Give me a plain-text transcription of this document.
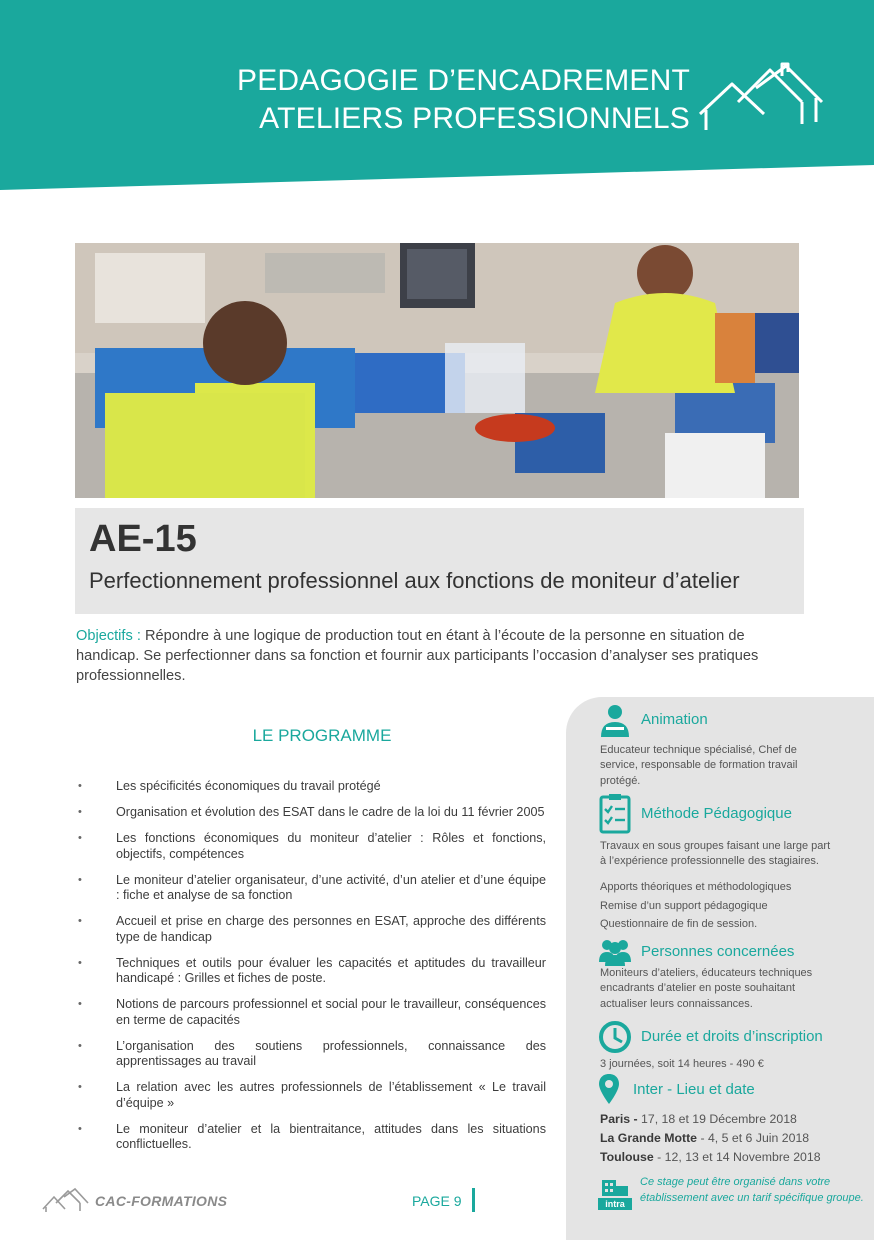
PEDAGOGIE D’ENCADREMENT
ATELIERS PROFESSIONNELS
AE-15
Perfectionnement professionnel aux fonctions de moniteur d’atelier
Objectifs : Répondre à une logique de production tout en étant à l’écoute de la personne en situation de handicap. Se perfectionner dans sa fonction et fournir aux participants l’occasion d’analyser ses pratiques professionnelles.
LE PROGRAMME
• Les spécificités économiques du travail protégé
• Organisation et évolution des ESAT dans le cadre de la loi du 11 février 2005
• Les fonctions économiques du moniteur d’atelier : Rôles et fonctions, objectifs, compétences
• Le moniteur d’atelier organisateur, d’une activité, d’un atelier et d’une équipe : fiche et analyse de sa fonction
• Accueil et prise en charge des personnes en ESAT, approche des différents type de handicap
• Techniques et outils pour évaluer les capacités et aptitudes du travailleur handicapé : Grilles et fiches de poste.
• Notions de parcours professionnel et social pour le travailleur, conséquences en terme de capacités
• L’organisation des soutiens professionnels, connaissance des apprentissages au travail
• La relation avec les autres professionnels de l’établissement « Le travail d’équipe »
• Le moniteur d’atelier et la bientraitance, attitudes dans les situations conflictuelles.
CAC-FORMATIONS	PAGE 9
Animation
Educateur technique spécialisé, Chef de
service, responsable de formation travail
protégé.
Méthode Pédagogique
Travaux en sous groupes faisant une large part
à l’expérience professionnelle des stagiaires.
Apports théoriques et méthodologiques
Remise d’un support pédagogique
Questionnaire de fin de session.
Personnes concernées
Moniteurs d’ateliers, éducateurs techniques
encadrants d’atelier en poste souhaitant
actualiser leurs connaissances.
Durée et droits d’inscription
3 journées, soit 14 heures - 490 €
Inter - Lieu et date
Paris - 17, 18 et 19 Décembre 2018
La Grande Motte - 4, 5 et 6 Juin 2018
Toulouse - 12, 13 et 14 Novembre 2018
intra
Ce stage peut être organisé dans votre établissement avec un tarif spécifique groupe.
